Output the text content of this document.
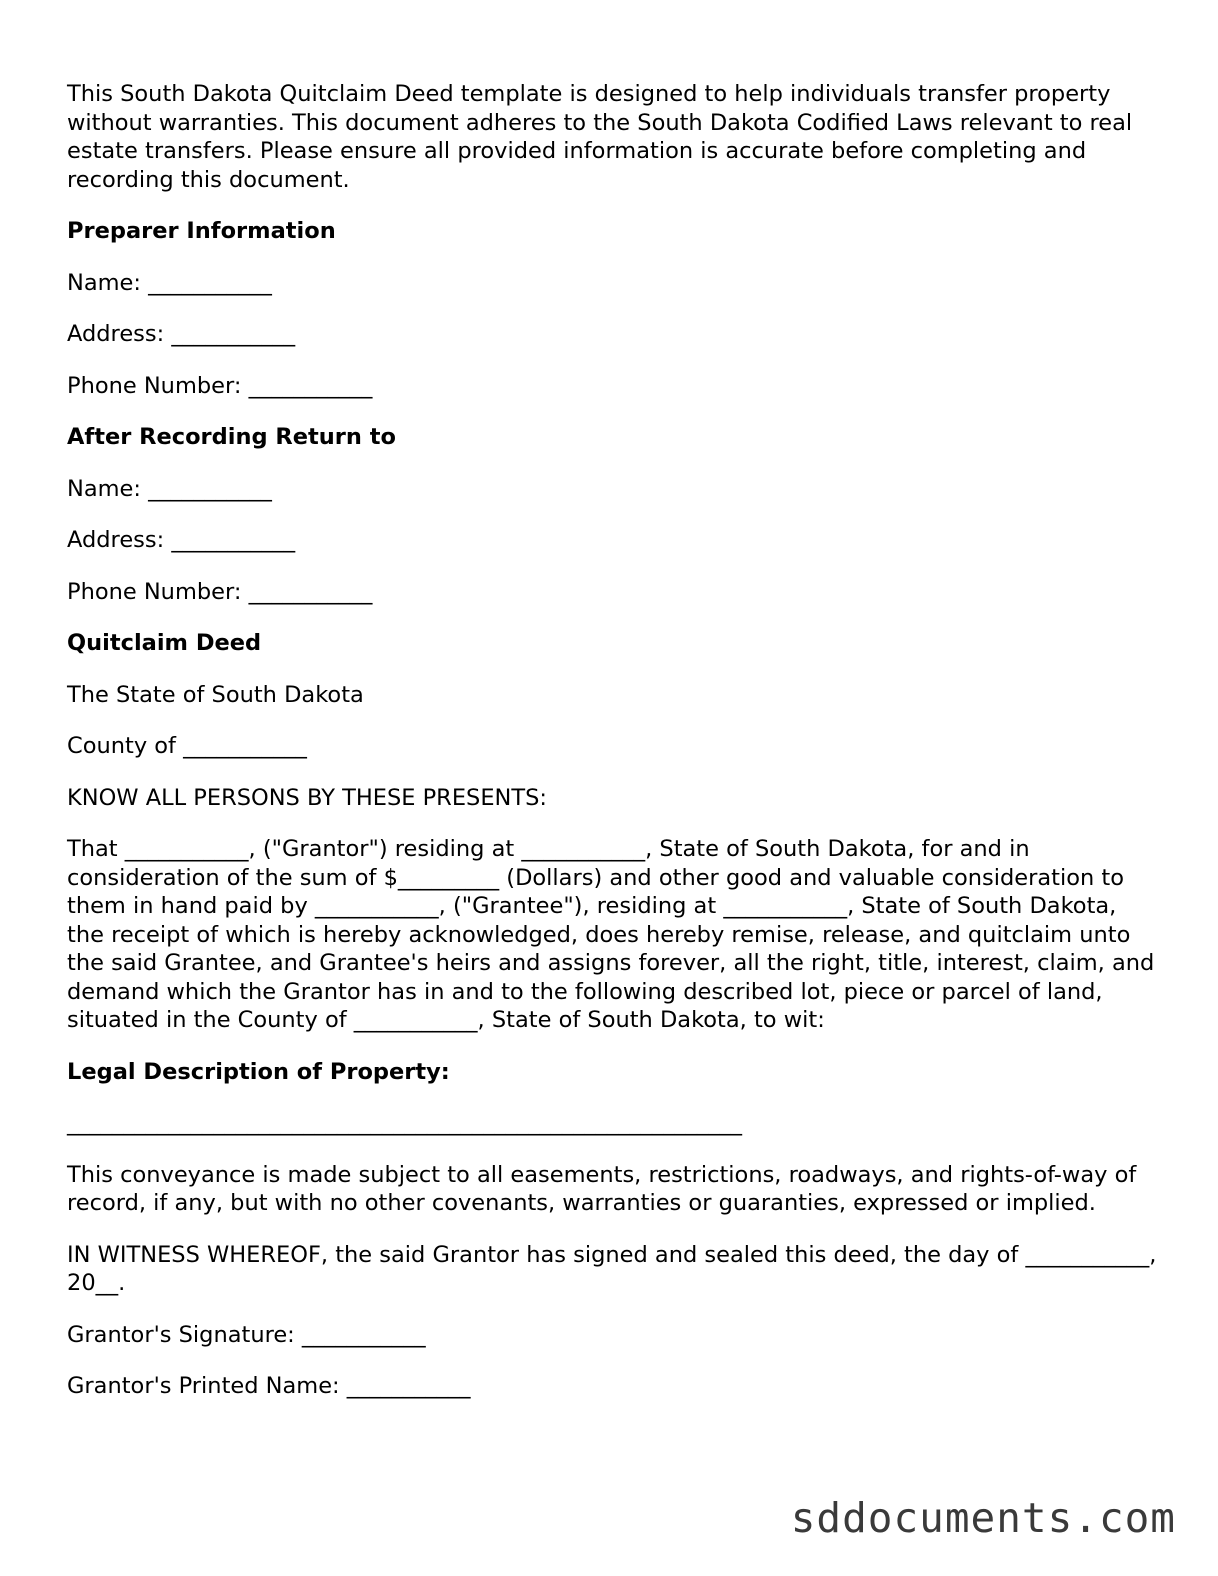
This South Dakota Quitclaim Deed template is designed to help individuals transfer property without warranties. This document adheres to the South Dakota Codified Laws relevant to real estate transfers. Please ensure all provided information is accurate before completing and recording this document.

Preparer Information

Name: ___________

Address: ___________

Phone Number: ___________

After Recording Return to

Name: ___________

Address: ___________

Phone Number: ___________

Quitclaim Deed

The State of South Dakota

County of ___________

KNOW ALL PERSONS BY THESE PRESENTS:

That ___________, ("Grantor") residing at ___________, State of South Dakota, for and in consideration of the sum of $_________ (Dollars) and other good and valuable consideration to them in hand paid by ___________, ("Grantee"), residing at ___________, State of South Dakota, the receipt of which is hereby acknowledged, does hereby remise, release, and quitclaim unto the said Grantee, and Grantee's heirs and assigns forever, all the right, title, interest, claim, and demand which the Grantor has in and to the following described lot, piece or parcel of land, situated in the County of ___________, State of South Dakota, to wit:

Legal Description of Property:

____________________________________________________________

This conveyance is made subject to all easements, restrictions, roadways, and rights-of-way of record, if any, but with no other covenants, warranties or guaranties, expressed or implied.

IN WITNESS WHEREOF, the said Grantor has signed and sealed this deed, the day of ___________, 20__.

Grantor's Signature: ___________

Grantor's Printed Name: ___________

sddocuments.com
